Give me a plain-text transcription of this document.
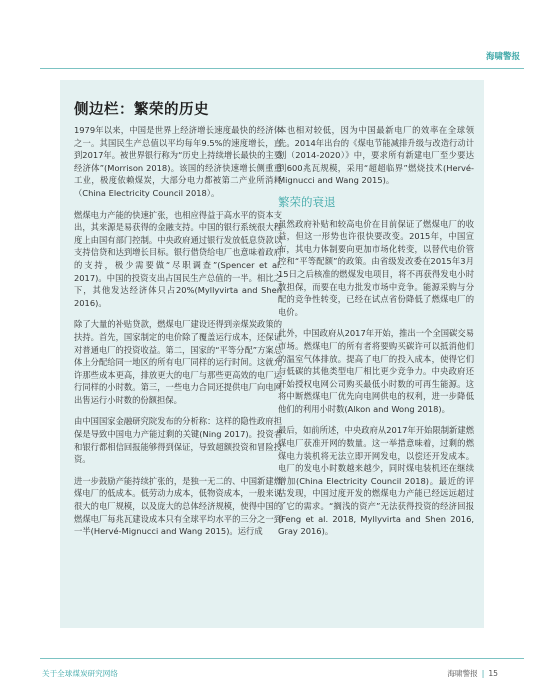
海啸警报
侧边栏：繁荣的历史

1979年以来，中国是世界上经济增长速度最快的经济体之一。其国民生产总值以平均每年9.5%的速度增长，直到2017年。被世界银行称为“历史上持续增长最快的主要经济体”(Morrison 2018)。该国的经济快速增长侧重重工业，极度依赖煤炭，大部分电力都被第二产业所消耗（China Electricity Council 2018）。

燃煤电力产能的快速扩张，也相应得益于高水平的资本支出，其来源是易获得的金融支持。中国的银行系统很大程度上由国有部门控制。中央政府通过银行发放低息贷款以支持信贷和达到增长目标。银行借贷给电厂也意味着政府的支持，极少需要做“尽职调查”(Spencer et al. 2017)。中国的投资支出占国民生产总值的一半。相比之下，其他发达经济体只占20%(Myllyvirta and Shen 2016)。

除了大量的补贴贷款，燃煤电厂建设还得到亲煤炭政策的扶持。首先，国家制定的电价除了覆盖运行成本，还保证对普通电厂的投资收益。第二，国家的“平等分配”方案总体上分配给同一地区的所有电厂同样的运行时间。这就允许那些成本更高，排放更大的电厂与那些更高效的电厂运行同样的小时数。第三，一些电力合同还提供电厂向电网出售运行小时数的份额担保。

由中国国家金融研究院发布的分析称：这样的隐性政府担保是导致中国电力产能过剩的关键(Ning 2017)。投资者和银行都相信回报能够得到保证，导致超额投资和冒险投资。

进一步鼓励产能持续扩张的，是独一无二的、中国新建燃煤电厂的低成本。低劳动力成本，低物资成本，一般来说很大的电厂规模，以及庞大的总体经济规模，使得中国的燃煤电厂每兆瓦建设成本只有全球平均水平的三分之一到一半(Hervé-Mignucci and Wang 2015)。运行成

本也相对较低，因为中国最新电厂的效率在全球领先。2014年出台的《煤电节能减排升级与改造行动计划（2014-2020）》中，要求所有新建电厂至少要达到600兆瓦规模，采用“超超临界”燃烧技术(Hervé-Mignucci and Wang 2015)。

繁荣的衰退

虽然政府补贴和较高电价在目前保证了燃煤电厂的收益，但这一形势也许很快要改变。2015年，中国宣布，其电力体制要向更加市场化转变，以替代电价管控和“平等配额”的政策。由省级发改委在2015年3月15日之后核准的燃煤发电项目，将不再获得发电小时数担保，而要在电力批发市场中竞争。能源采购与分配的竞争性转变，已经在试点省份降低了燃煤电厂的电价。

此外，中国政府从2017年开始，推出一个全国碳交易市场。燃煤电厂的所有者将要购买碳许可以抵消他们的温室气体排放。提高了电厂的投入成本，使得它们与低碳的其他类型电厂相比更少竞争力。中央政府还开始授权电网公司购买最低小时数的可再生能源。这将中断燃煤电厂优先向电网供电的权利，进一步降低他们的利用小时数(Alkon and Wong 2018)。

最后，如前所述，中央政府从2017年开始限制新建燃煤电厂获准开网的数量。这一举措意味着，过剩的燃煤电力装机将无法立即开网发电，以偿还开发成本。电厂的发电小时数越来越少，同时煤电装机还在继续增加(China Electricity Council 2018)。最近的评估发现，中国过度开发的燃煤电力产能已经远远超过了它的需求。“搁浅的资产”无法获得投资的经济回报(Feng et al. 2018, Myllyvirta and Shen 2016, Gray 2016)。

关于全球煤炭研究网络	海啸警报 | 15
